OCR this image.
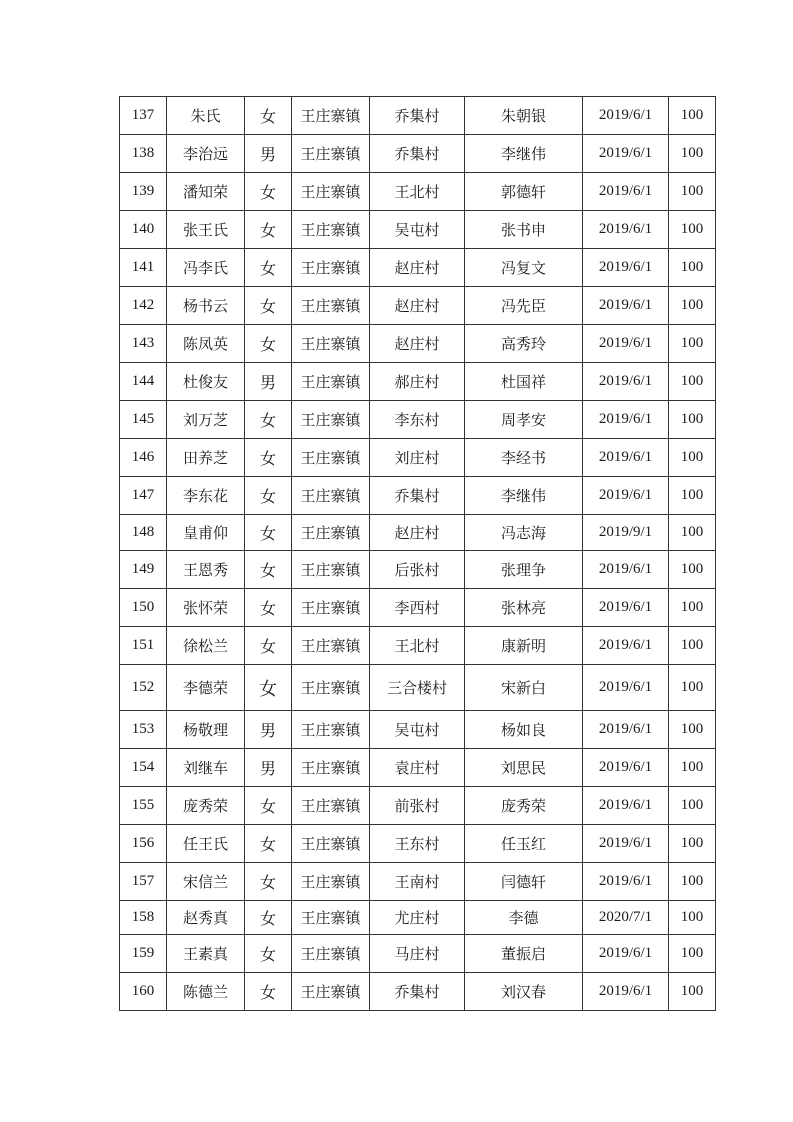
137	朱氏	女	王庄寨镇	乔集村	朱朝银	2019/6/1	100
138	李治远	男	王庄寨镇	乔集村	李继伟	2019/6/1	100
139	潘知荣	女	王庄寨镇	王北村	郭德轩	2019/6/1	100
140	张王氏	女	王庄寨镇	吴屯村	张书申	2019/6/1	100
141	冯李氏	女	王庄寨镇	赵庄村	冯复文	2019/6/1	100
142	杨书云	女	王庄寨镇	赵庄村	冯先臣	2019/6/1	100
143	陈凤英	女	王庄寨镇	赵庄村	高秀玲	2019/6/1	100
144	杜俊友	男	王庄寨镇	郝庄村	杜国祥	2019/6/1	100
145	刘万芝	女	王庄寨镇	李东村	周孝安	2019/6/1	100
146	田养芝	女	王庄寨镇	刘庄村	李经书	2019/6/1	100
147	李东花	女	王庄寨镇	乔集村	李继伟	2019/6/1	100
148	皇甫仰	女	王庄寨镇	赵庄村	冯志海	2019/9/1	100
149	王恩秀	女	王庄寨镇	后张村	张理争	2019/6/1	100
150	张怀荣	女	王庄寨镇	李西村	张林亮	2019/6/1	100
151	徐松兰	女	王庄寨镇	王北村	康新明	2019/6/1	100
152	李德荣	女	王庄寨镇	三合楼村	宋新白	2019/6/1	100
153	杨敬理	男	王庄寨镇	吴屯村	杨如良	2019/6/1	100
154	刘继车	男	王庄寨镇	袁庄村	刘思民	2019/6/1	100
155	庞秀荣	女	王庄寨镇	前张村	庞秀荣	2019/6/1	100
156	任王氏	女	王庄寨镇	王东村	任玉红	2019/6/1	100
157	宋信兰	女	王庄寨镇	王南村	闫德轩	2019/6/1	100
158	赵秀真	女	王庄寨镇	尤庄村	李德	2020/7/1	100
159	王素真	女	王庄寨镇	马庄村	董振启	2019/6/1	100
160	陈德兰	女	王庄寨镇	乔集村	刘汉春	2019/6/1	100
